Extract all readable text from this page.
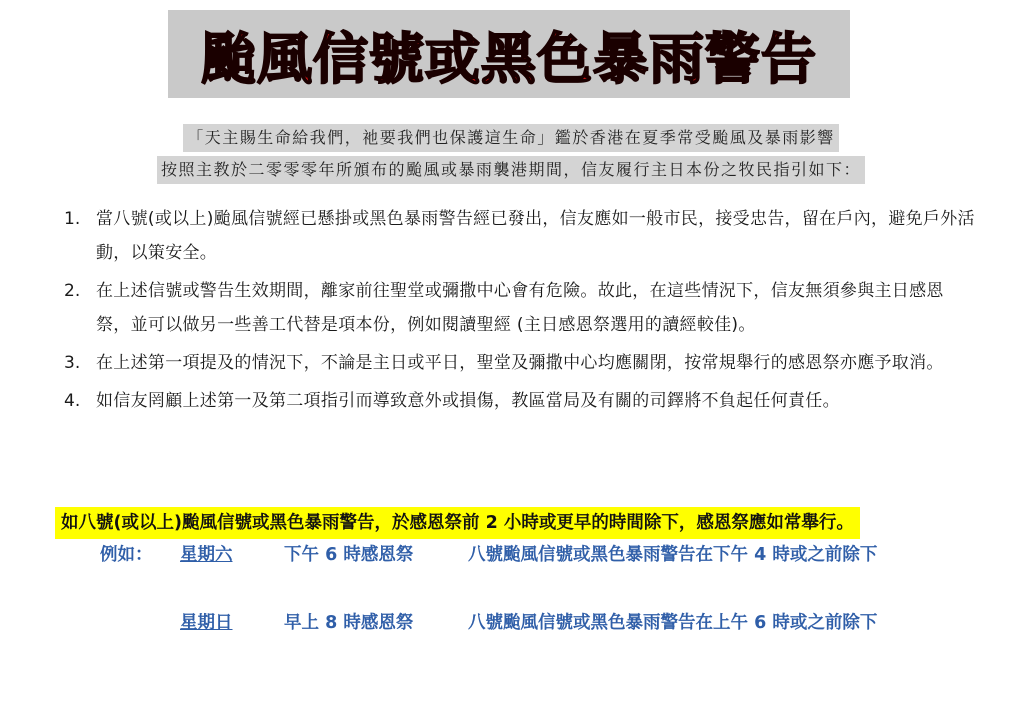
颱風信號或黑色暴雨警告
「天主賜生命給我們，祂要我們也保護這生命」鑑於香港在夏季常受颱風及暴雨影響
按照主教於二零零零年所頒布的颱風或暴雨襲港期間，信友履行主日本份之牧民指引如下：
1. 當八號(或以上)颱風信號經已懸掛或黑色暴雨警告經已發出，信友應如一般市民，接受忠告，留在戶內，避免戶外活動，以策安全。
2. 在上述信號或警告生效期間，離家前往聖堂或彌撒中心會有危險。故此，在這些情況下，信友無須參與主日感恩祭，並可以做另一些善工代替是項本份，例如閱讀聖經 (主日感恩祭選用的讀經較佳)。
3. 在上述第一項提及的情況下，不論是主日或平日，聖堂及彌撒中心均應關閉，按常規舉行的感恩祭亦應予取消。
4. 如信友罔顧上述第一及第二項指引而導致意外或損傷，教區當局及有關的司鐸將不負起任何責任。
如八號(或以上)颱風信號或黑色暴雨警告，於感恩祭前 2 小時或更早的時間除下，感恩祭應如常舉行。
例如： 星期六	下午 6 時感恩祭	八號颱風信號或黑色暴雨警告在下午 4 時或之前除下
星期日	早上 8 時感恩祭	八號颱風信號或黑色暴雨警告在上午 6 時或之前除下
